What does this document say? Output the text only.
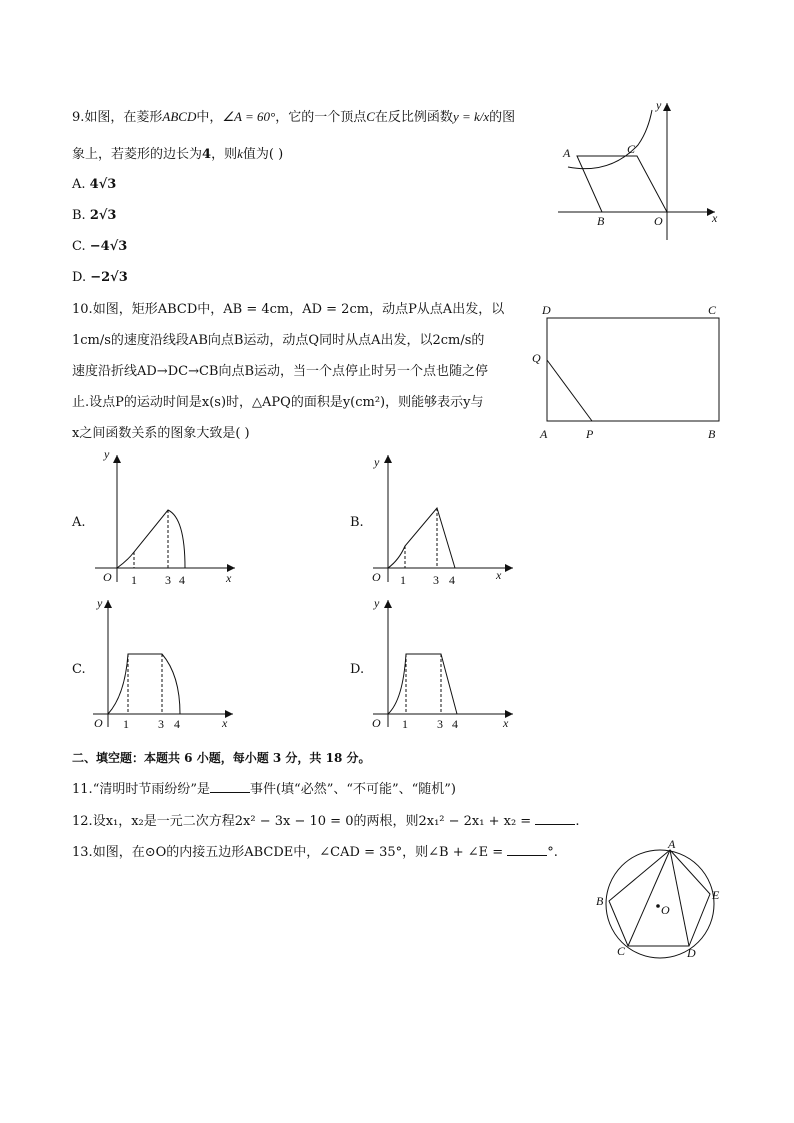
9.如图，在菱形ABCD中，∠A = 60°，它的一个顶点C在反比例函数y = k/x的图
象上，若菱形的边长为4，则k值为( )
A. 4√3
B. 2√3
C. −4√3
D. −2√3
A	C
B	O	x
y
10.如图，矩形ABCD中，AB = 4cm，AD = 2cm，动点P从点A出发，以
1cm/s的速度沿线段AB向点B运动，动点Q同时从点A出发，以2cm/s的
速度沿折线AD→DC→CB向点B运动，当一个点停止时另一个点也随之停
止.设点P的运动时间是x(s)时，△APQ的面积是y(cm²)，则能够表示y与
x之间函数关系的图象大致是( )
D	C
Q
A	P	B
A.
O 1 3 4	x
y
B.
O 1 3 4	x
y
C.
O 1 3 4	x
y
D.
O 1 3 4	x
y
二、填空题：本题共 6 小题，每小题 3 分，共 18 分。
11.“清明时节雨纷纷”是	事件(填“必然”、“不可能”、“随机”)
12.设x₁，x₂是一元二次方程2x² − 3x − 10 = 0的两根，则2x₁² − 2x₁ + x₂ =	.
13.如图，在⊙O的内接五边形ABCDE中，∠CAD = 35°，则∠B + ∠E =	°.
A
B
C	D
E
O
